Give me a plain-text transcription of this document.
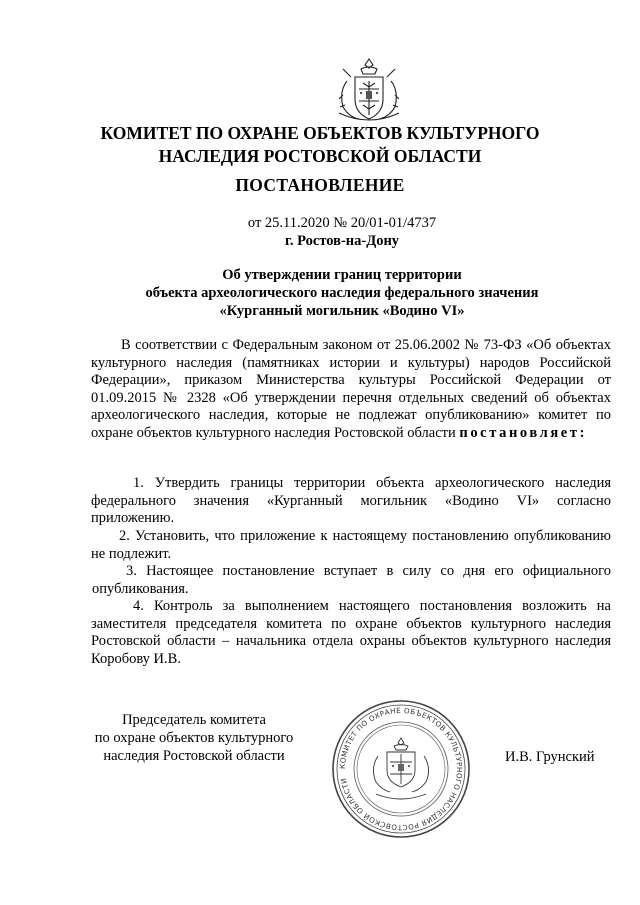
КОМИТЕТ ПО ОХРАНЕ ОБЪЕКТОВ КУЛЬТУРНОГО
НАСЛЕДИЯ РОСТОВСКОЙ ОБЛАСТИ
ПОСТАНОВЛЕНИЕ
от 25.11.2020 № 20/01-01/4737
г. Ростов-на-Дону
Об утверждении границ территории
объекта археологического наследия федерального значения
«Курганный могильник «Водино VI»
В соответствии с Федеральным законом от 25.06.2002 № 73-ФЗ «Об объектах культурного наследия (памятниках истории и культуры) народов Российской Федерации», приказом Министерства культуры Российской Федерации от 01.09.2015 № 2328 «Об утверждении перечня отдельных сведений об объектах археологического наследия, которые не подлежат опубликованию» комитет по охране объектов культурного наследия Ростовской области постановляет:
1. Утвердить границы территории объекта археологического наследия федерального значения «Курганный могильник «Водино VI» согласно приложению.
2. Установить, что приложение к настоящему постановлению опубликованию не подлежит.
3. Настоящее постановление вступает в силу со дня его официального опубликования.
4. Контроль за выполнением настоящего постановления возложить на заместителя председателя комитета по охране объектов культурного наследия Ростовской области – начальника отдела охраны объектов культурного наследия Коробову И.В.
Председатель комитета
по охране объектов культурного
наследия Ростовской области
КОМИТЕТ ПО ОХРАНЕ ОБЪЕКТОВ КУЛЬТУРНОГО НАСЛЕДИЯ РОСТОВСКОЙ ОБЛАСТИ
И.В. Грунский
